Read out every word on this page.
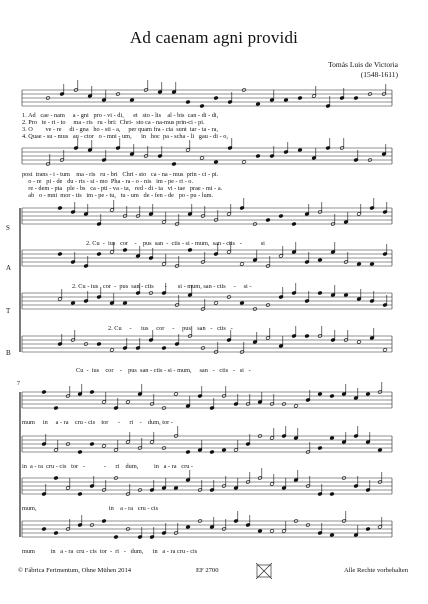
Ad caenam agni providi
Tomás Luis de Victoria
(1548-1611)
1. Ad   cae - nam     a - gni   pro - vi - di,      et   sto - lis    al - bis  can - di - di,
2. Pro   te - ri - to     ma - ris   ru - bri:  Chri-  sto ca - na-mus prin-ci - pi.
3. O        ve - re     di - gna   ho - sti - a,     per quam fra - cta  sunt  tar - ta - ra,
4. Quae - su - mus   au - ctor   o - mni - um,      in   hoc  pa - scha - li   gau - di - o,
post  trans - i - tum    ma - ris   ru - bri   Chri - sto   ca - na - mus  prin - ci - pi.
o - re   pi - de   du - ris - si - mo  Pha - ra - o - nis   im - pe - ri - o.
re - dem - pta   ple - bs   ca - pti - va - ta,   red - di - ta   vi - tae   prae - mi - a.
ab   o - mni  mor - tis   im - pe - tu,   tu - um   de - fen - de   po - pu - lum.
S
A
T
B
2. Cu  -  ius   cor    -    pus  san  -  ctis - si - mum,  san - ctis   -            si
2. Cu - ius   cor  -  pus  san - ctis       -       si - mum, san - ctis     -     si -
2. Cu     -      ius     cor     -     pus    san   -   ctis   -
Cu  -  ius    cor    -    pus  san - ctis - si - mum,     san   -   ctis   -   si   -
7
mum     in     a - ra    cru - cis    tor      -      ri    -    dum, tor -
in  a - ra  cru - cis   tor   -            -      ri    dum,          in   a - ra   cru -
mum,                                              in    a - ra   cru - cis
mum          in   a - ra  cru - cis  tor  -  ri   -   dum,      in   a - ra cru - cis
© Fábrica Ferimentum, Ohne Mühen 2014	EF 2700	Alle Rechte vorbehalten
